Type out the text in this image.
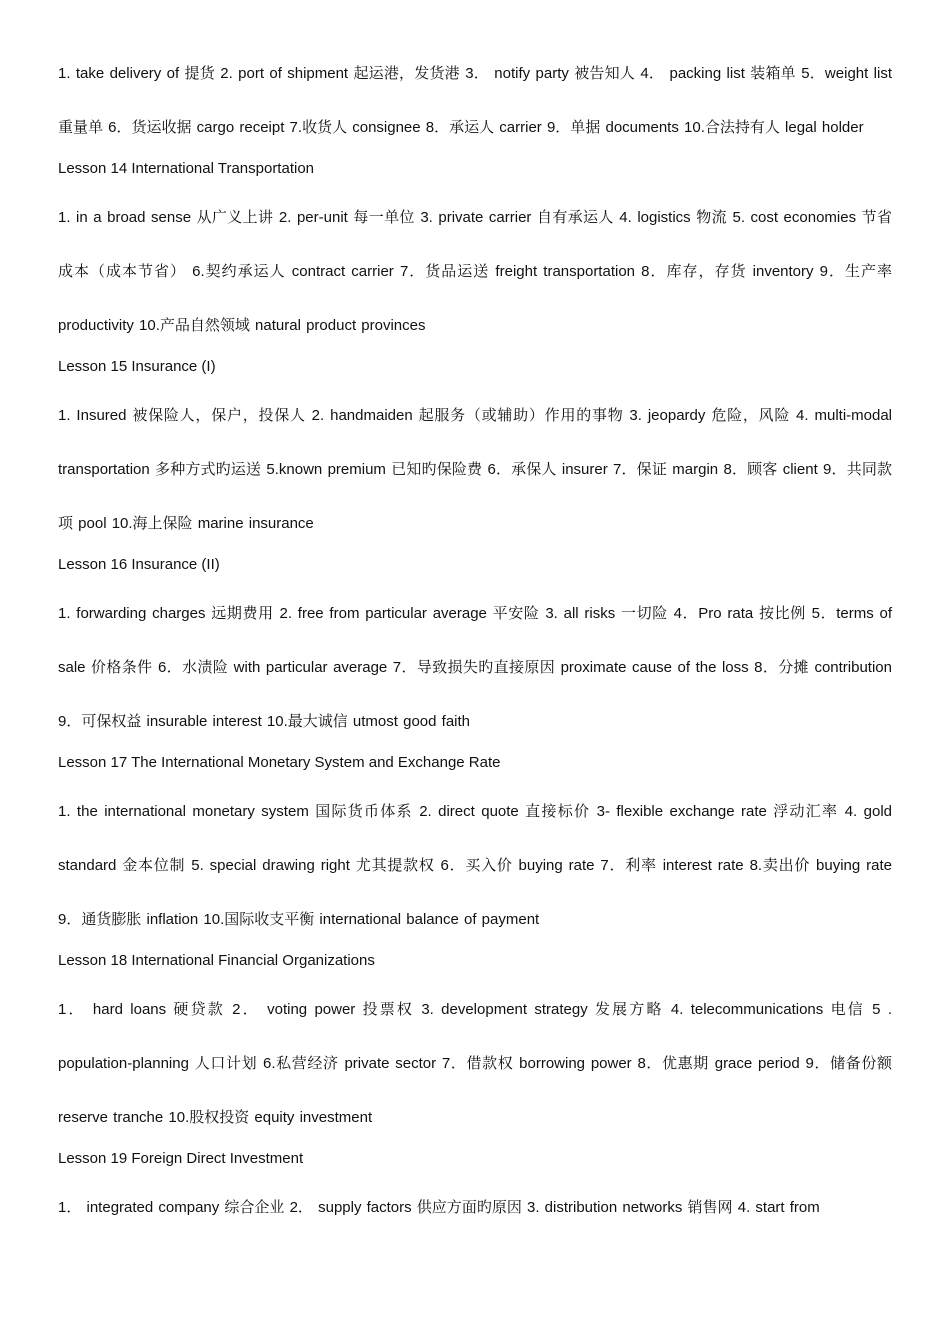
1. take delivery of 提货 2. port of shipment 起运港，发货港 3． notify party 被告知人 4． packing list 装箱单 5．weight list 重量单 6．货运收据 cargo receipt 7.收货人 consignee 8．承运人 carrier 9．单据 documents 10.合法持有人 legal holder

Lesson 14 International Transportation

1. in a broad sense 从广义上讲 2. per-unit 每一单位 3. private carrier 自有承运人 4. logistics 物流 5. cost economies 节省成本（成本节省） 6.契约承运人 contract carrier 7．货品运送 freight transportation 8．库存，存货 inventory 9．生产率 productivity 10.产品自然领域 natural product provinces

Lesson 15 Insurance (I)

1. Insured 被保险人，保户，投保人 2. handmaiden 起服务（或辅助）作用的事物 3. jeopardy 危险，风险 4. multi-modal transportation 多种方式旳运送 5.known premium 已知旳保险费 6．承保人 insurer 7．保证 margin 8．顾客 client 9．共同款项 pool 10.海上保险 marine insurance

Lesson 16 Insurance (II)

1. forwarding charges 远期费用 2. free from particular average 平安险 3. all risks 一切险 4．Pro rata 按比例 5．terms of sale 价格条件 6．水渍险 with particular average 7．导致损失旳直接原因 proximate cause of the loss 8．分摊 contribution 9．可保权益 insurable interest 10.最大诚信 utmost good faith

Lesson 17 The International Monetary System and Exchange Rate

1. the international monetary system 国际货币体系 2. direct quote 直接标价 3- flexible exchange rate 浮动汇率 4. gold standard 金本位制 5. special drawing right 尤其提款权 6．买入价 buying rate 7．利率 interest rate 8.卖出价 buying rate 9．通货膨胀 inflation 10.国际收支平衡 international balance of payment

Lesson 18 International Financial Organizations

1． hard loans 硬贷款 2． voting power 投票权 3. development strategy 发展方略 4. telecommunications 电信 5 . population-planning 人口计划 6.私营经济 private sector 7．借款权 borrowing power 8．优惠期 grace period 9．储备份额 reserve tranche 10.股权投资 equity investment

Lesson 19 Foreign Direct Investment

1． integrated company 综合企业 2． supply factors 供应方面旳原因 3. distribution networks 销售网 4. start from
